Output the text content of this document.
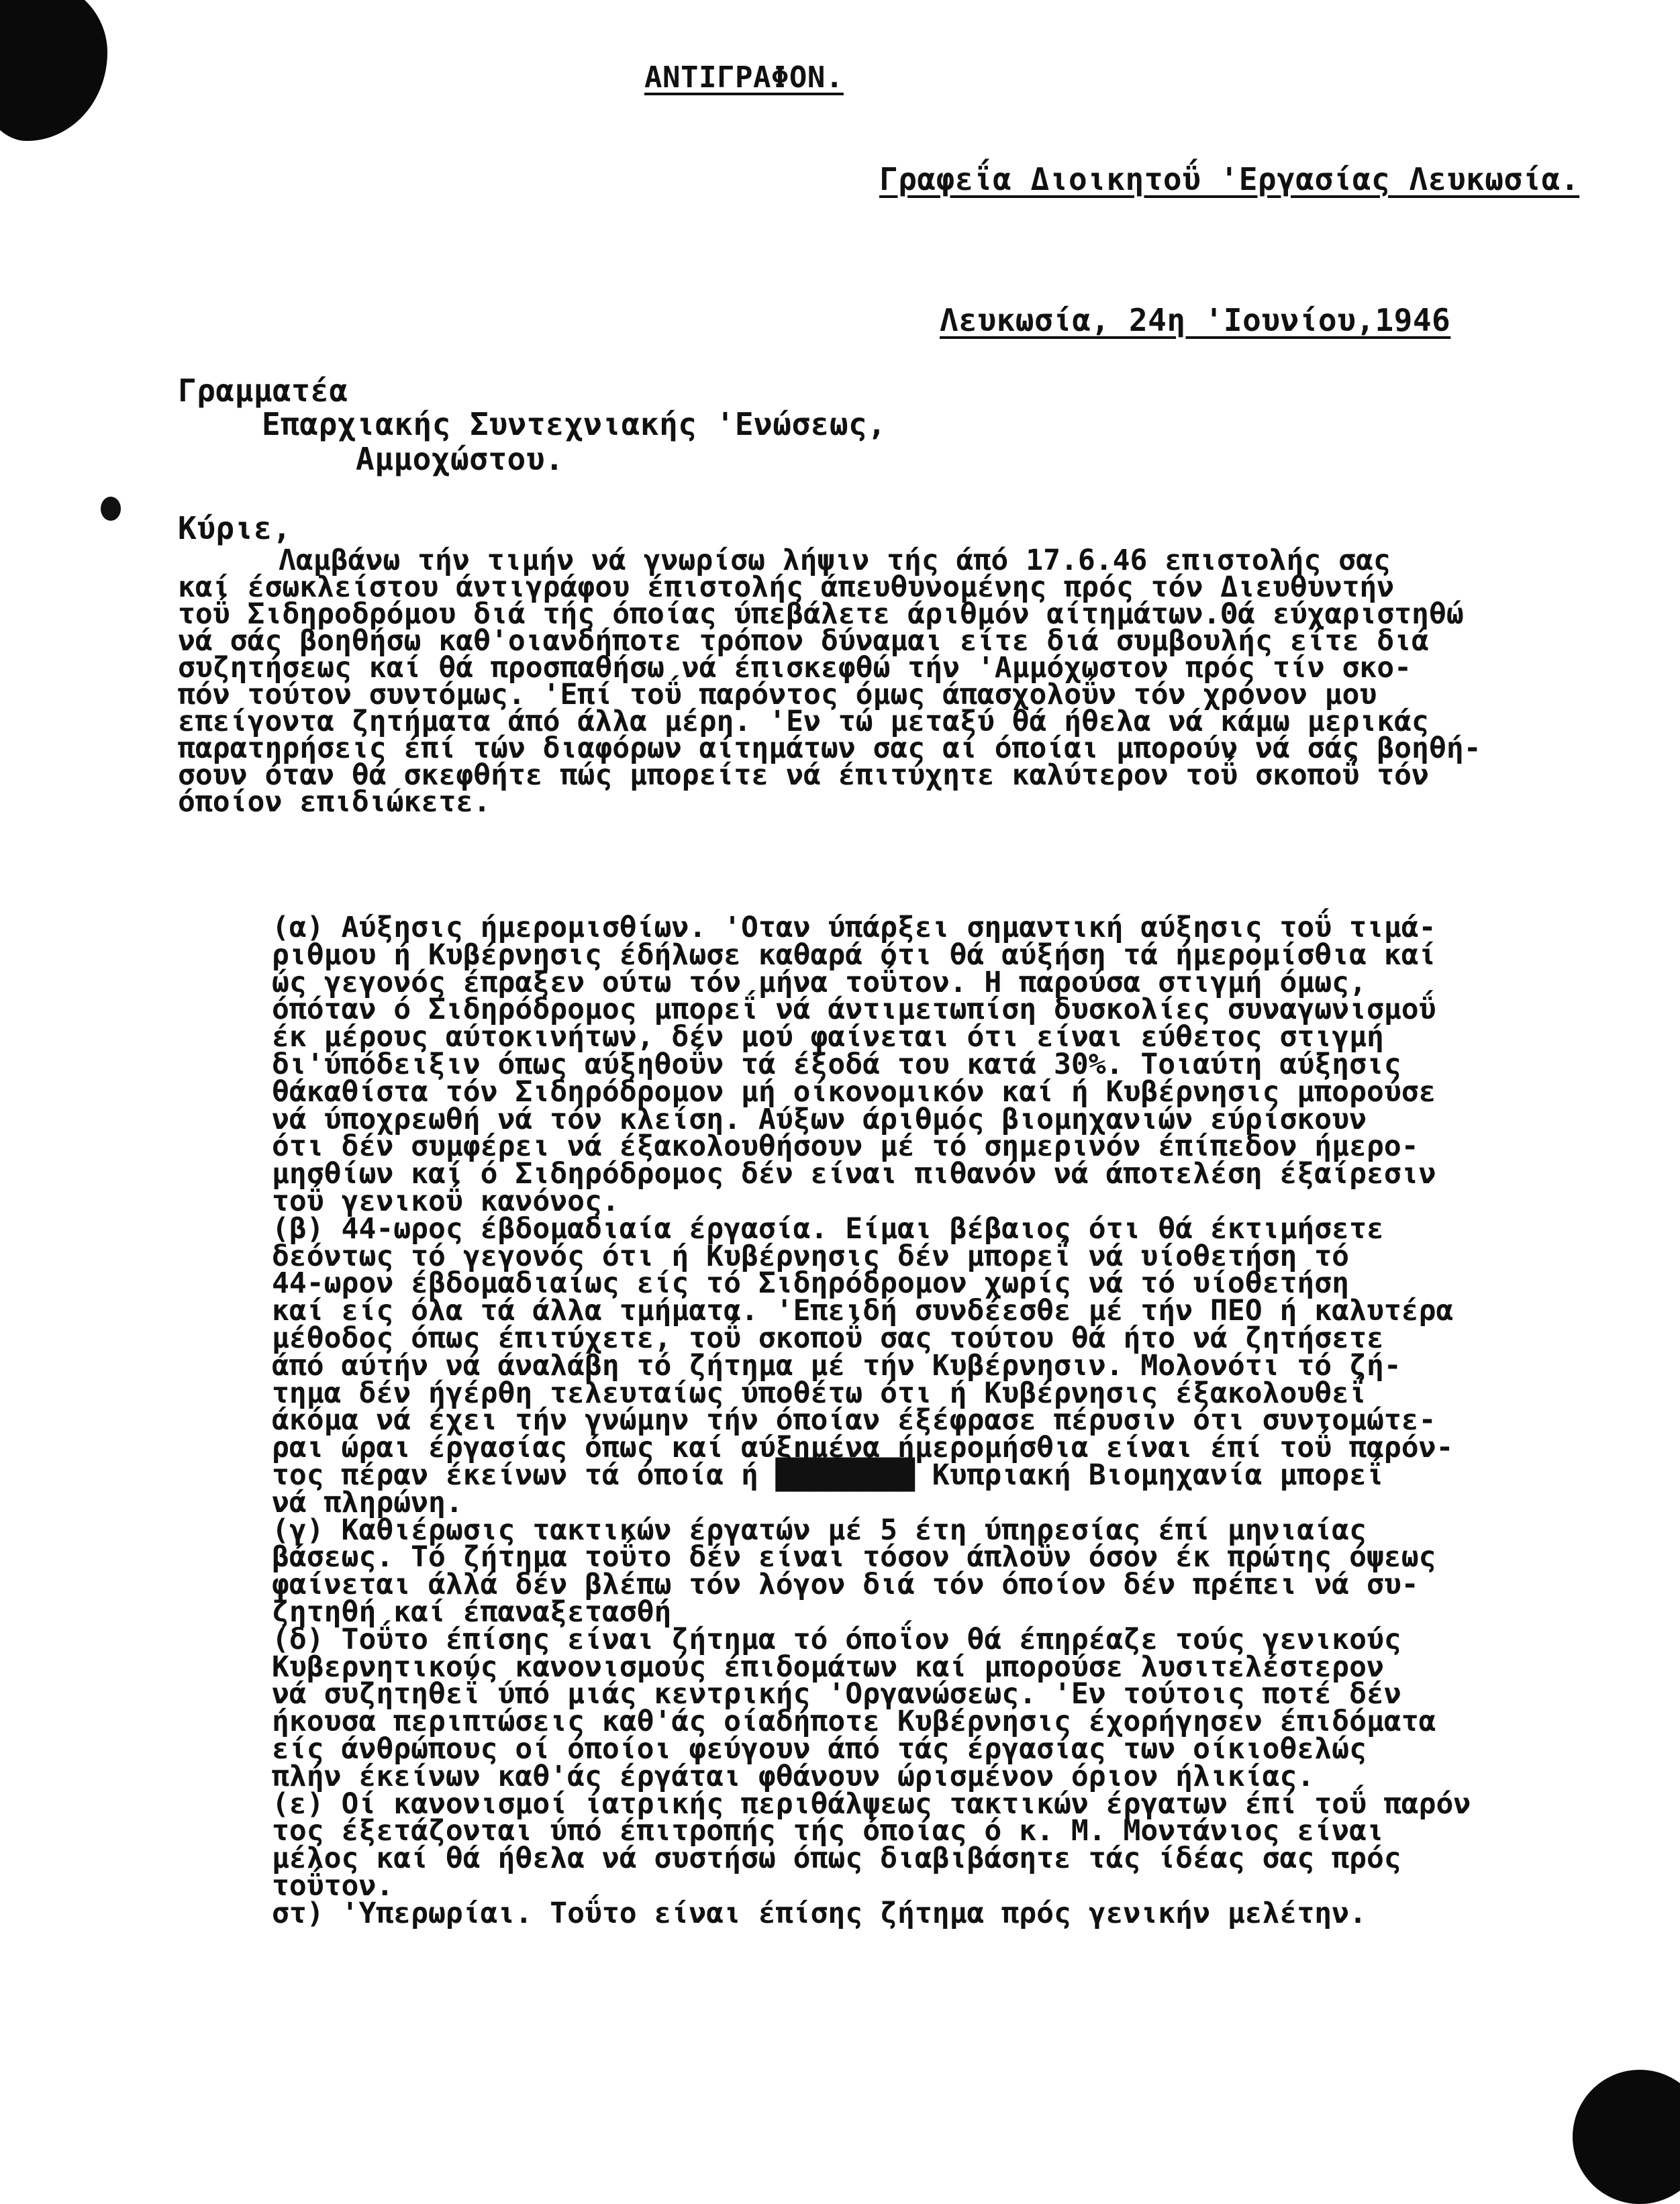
ΑΝΤΙΓΡΑΦΟΝ.
Γραφεΐα Διοικητοΰ 'Εργασίας Λευκωσία.
Λευκωσία, 24η 'Ιουνίου,1946
Γραμματέα
Επαρχιακής Συντεχνιακής 'Ενώσεως,
Αμμοχώστου.
Κύριε,
Λαμβάνω τήν τιμήν νά γνωρίσω λήψιν τής άπό 17.6.46 επιστολής σας
καί έσωκλείστου άντιγράφου έπιστολής άπευθυνομένης πρός τόν Διευθυντήν
τοΰ Σιδηροδρόμου διά τής όποίας ύπεβάλετε άριθμόν αίτημάτων.Θά εύχαριστηθώ
νά σάς βοηθήσω καθ'οιανδήποτε τρόπον δύναμαι είτε διά συμβουλής είτε διά
συζητήσεως καί θά προσπαθήσω νά έπισκεφθώ τήν 'Αμμόχωστον πρός τίν σκο-
πόν τούτον συντόμως. 'Επί τοΰ παρόντος όμως άπασχολοΰν τόν χρόνον μου
επείγοντα ζητήματα άπό άλλα μέρη. 'Εν τώ μεταξύ θά ήθελα νά κάμω μερικάς
παρατηρήσεις έπί τών διαφόρων αίτημάτων σας αί όποίαι μπορούν νά σάς βοηθή-
σουν όταν θά σκεφθήτε πώς μπορείτε νά έπιτύχητε καλύτερον τοΰ σκοποΰ τόν
όποίον επιδιώκετε.
(α) Αύξησις ήμερομισθίων. 'Οταν ύπάρξει σημαντική αύξησις τοΰ τιμά-
ριθμου ή Κυβέρνησις έδήλωσε καθαρά ότι θά αύξήση τά ήμερομίσθια καί
ώς γεγονός έπραξεν ούτω τόν μήνα τοΰτον. Η παρούσα στιγμή όμως,
όπόταν ό Σιδηρόδρομος μπορεΐ νά άντιμετωπίση δυσκολίες συναγωνισμοΰ
έκ μέρους αύτοκινήτων, δέν μού φαίνεται ότι είναι εύθετος στιγμή
δι'ύπόδειξιν όπως αύξηθοΰν τά έξοδά του κατά 30%. Τοιαύτη αύξησις
θάκαθίστα τόν Σιδηρόδρομον μή οίκονομικόν καί ή Κυβέρνησις μπορούσε
νά ύποχρεωθή νά τόν κλείση. Αύξων άριθμός βιομηχανιών εύρίσκουν
ότι δέν συμφέρει νά έξακολουθήσουν μέ τό σημερινόν έπίπεδον ήμερο-
μησθίων καί ό Σιδηρόδρομος δέν είναι πιθανόν νά άποτελέση έξαίρεσιν
τοΰ γενικοΰ κανόνος.
(β) 44-ωρος έβδομαδιαία έργασία. Είμαι βέβαιος ότι θά έκτιμήσετε
δεόντως τό γεγονός ότι ή Κυβέρνησις δέν μπορεΐ νά υίοθετήση τό
44-ωρον έβδομαδιαίως είς τό Σιδηρόδρομον χωρίς νά τό υίοθετήση
καί είς όλα τά άλλα τμήματα. 'Επειδή συνδέεσθε μέ τήν ΠΕΟ ή καλυτέρα
μέθοδος όπως έπιτύχετε, τοΰ σκοποΰ σας τούτου θά ήτο νά ζητήσετε
άπό αύτήν νά άναλάβη τό ζήτημα μέ τήν Κυβέρνησιν. Μολονότι τό ζή-
τημα δέν ήγέρθη τελευταίως ύποθέτω ότι ή Κυβέρνησις έξακολουθεΐ
άκόμα νά έχει τήν γνώμην τήν όποίαν έξέφρασε πέρυσιν ότι συντομώτε-
ραι ώραι έργασίας όπως καί αύξημένα ήμερομήσθια είναι έπί τοΰ παρόν-
τος πέραν έκείνων τά όποία ή ████████ Κυπριακή Βιομηχανία μπορεΐ
νά πληρώνη.
(γ) Καθιέρωσις τακτικών έργατών μέ 5 έτη ύπηρεσίας έπί μηνιαίας
βάσεως. Τό ζήτημα τοΰτο δέν είναι τόσον άπλοΰν όσον έκ πρώτης όψεως
φαίνεται άλλά δέν βλέπω τόν λόγον διά τόν όποίον δέν πρέπει νά συ-
ζητηθή καί έπαναξετασθή
(δ) Τοΰτο έπίσης είναι ζήτημα τό όποΐον θά έπηρέαζε τούς γενικούς
Κυβερνητικούς κανονισμούς έπιδομάτων καί μπορούσε λυσιτελέστερον
νά συζητηθεΐ ύπό μιάς κεντρικής 'Οργανώσεως. 'Εν τούτοις ποτέ δέν
ήκουσα περιπτώσεις καθ'άς οίαδήποτε Κυβέρνησις έχορήγησεν έπιδόματα
είς άνθρώπους οί όποίοι φεύγουν άπό τάς έργασίας των οίκιοθελώς
πλήν έκείνων καθ'άς έργάται φθάνουν ώρισμένον όριον ήλικίας.
(ε) Οί κανονισμοί ίατρικής περιθάλψεως τακτικών έργατων έπί τοΰ παρόν
τος έξετάζονται ύπό έπιτροπής τής όποίας ό κ. Μ. Μοντάνιος είναι
μέλος καί θά ήθελα νά συστήσω όπως διαβιβάσητε τάς ίδέας σας πρός
τοΰτον.
στ) 'Υπερωρίαι. Τοΰτο είναι έπίσης ζήτημα πρός γενικήν μελέτην.
